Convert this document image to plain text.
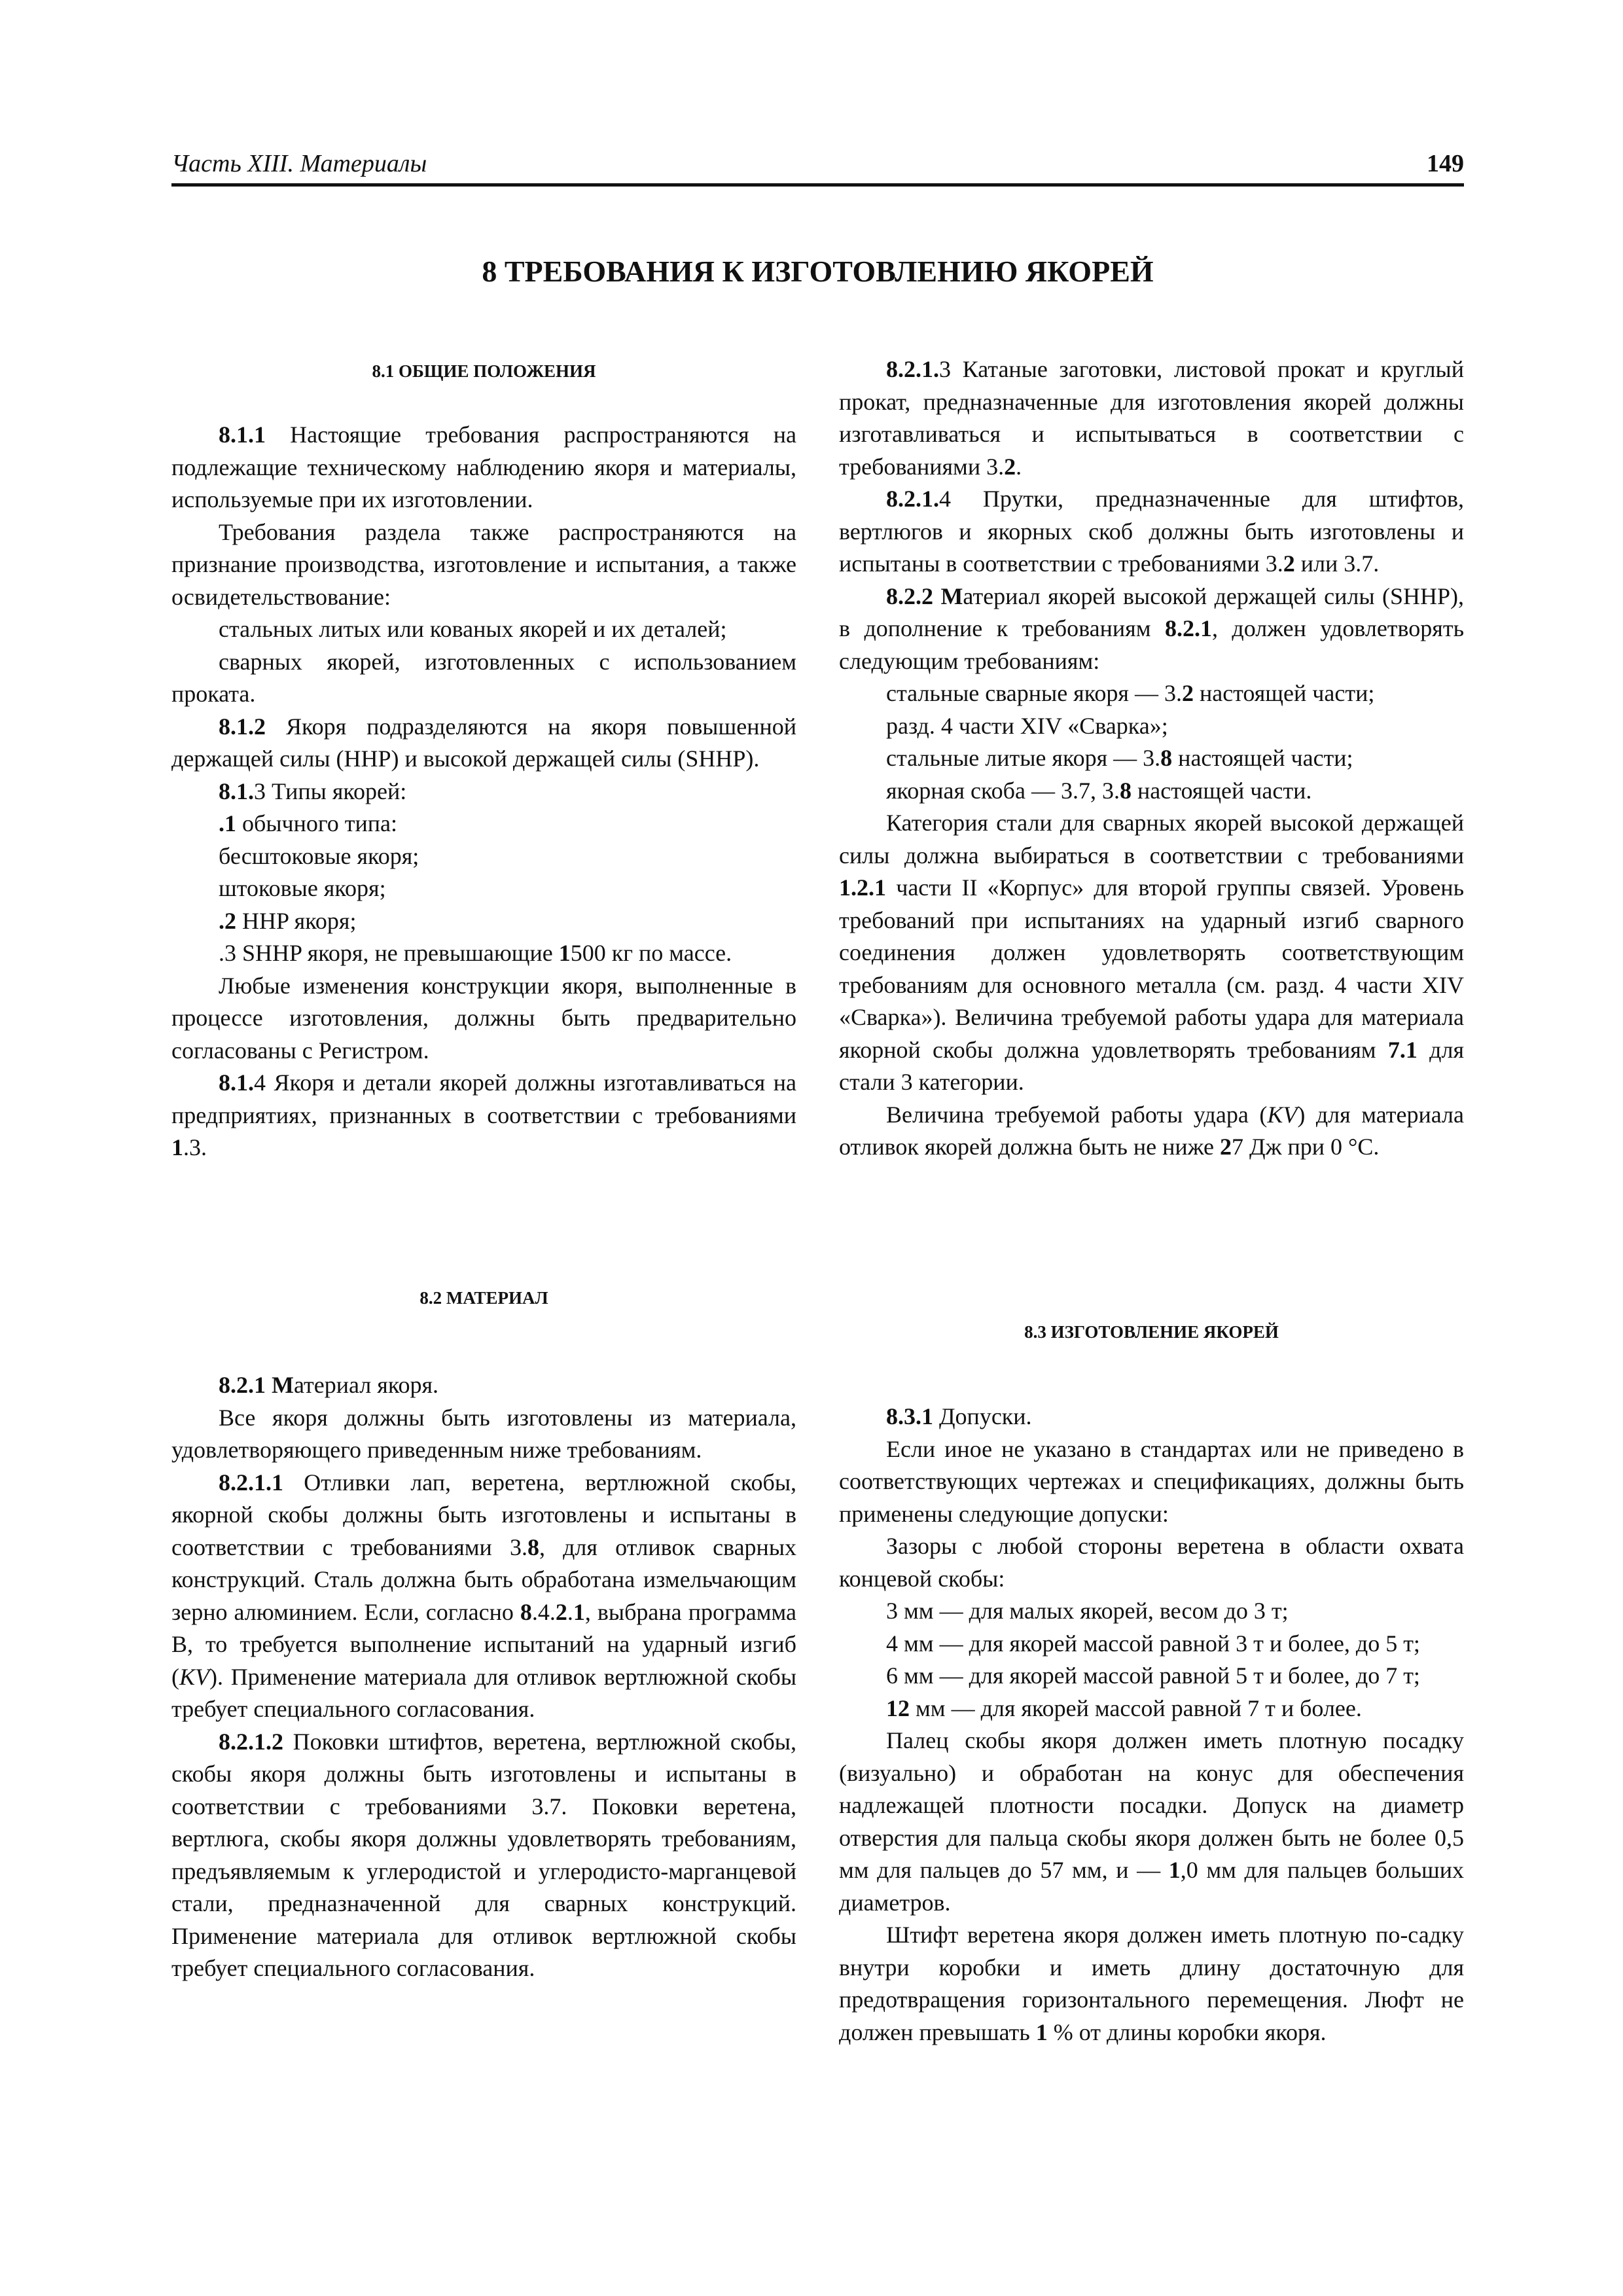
Часть XIII. Материалы	149
8 ТРЕБОВАНИЯ К ИЗГОТОВЛЕНИЮ ЯКОРЕЙ
8.1 ОБЩИЕ ПОЛОЖЕНИЯ

8.1.1 Настоящие требования распространяются на подлежащие техническому наблюдению якоря и материалы, используемые при их изготовлении.

Требования раздела также распространяются на признание производства, изготовление и испытания, а также освидетельствование:

стальных литых или кованых якорей и их деталей;

сварных якорей, изготовленных с использованием проката.

8.1.2 Якоря подразделяются на якоря повышенной держащей силы (HHP) и высокой держащей силы (SHHP).

8.1.3 Типы якорей:

.1 обычного типа:

бесштоковые якоря;

штоковые якоря;

.2 HHP якоря;

.3 SHHP якоря, не превышающие 1500 кг по массе.

Любые изменения конструкции якоря, выполненные в процессе изготовления, должны быть предварительно согласованы с Регистром.

8.1.4 Якоря и детали якорей должны изготавливаться на предприятиях, признанных в соответствии с требованиями 1.3.

8.2 МАТЕРИАЛ

8.2.1 Материал якоря.

Все якоря должны быть изготовлены из материала, удовлетворяющего приведенным ниже требованиям.

8.2.1.1 Отливки лап, веретена, вертлюжной скобы, якорной скобы должны быть изготовлены и испытаны в соответствии с требованиями 3.8, для отливок сварных конструкций. Сталь должна быть обработана измельчающим зерно алюминием. Если, согласно 8.4.2.1, выбрана программа В, то требуется выполнение испытаний на ударный изгиб (KV). Применение материала для отливок вертлюжной скобы требует специального согласования.

8.2.1.2 Поковки штифтов, веретена, вертлюжной скобы, скобы якоря должны быть изготовлены и испытаны в соответствии с требованиями 3.7. Поковки веретена, вертлюга, скобы якоря должны удовлетворять требованиям, предъявляемым к углеродистой и углеродисто-марганцевой стали, предназначенной для сварных конструкций. Применение материала для отливок вертлюжной скобы требует специального согласования.

8.2.1.3 Катаные заготовки, листовой прокат и круглый прокат, предназначенные для изготовления якорей должны изготавливаться и испытываться в соответствии с требованиями 3.2.

8.2.1.4 Прутки, предназначенные для штифтов, вертлюгов и якорных скоб должны быть изготовлены и испытаны в соответствии с требованиями 3.2 или 3.7.

8.2.2 Материал якорей высокой держащей силы (SHHP), в дополнение к требованиям 8.2.1, должен удовлетворять следующим требованиям:

стальные сварные якоря — 3.2 настоящей части;

разд. 4 части XIV «Сварка»;

стальные литые якоря — 3.8 настоящей части;

якорная скоба — 3.7, 3.8 настоящей части.

Категория стали для сварных якорей высокой держащей силы должна выбираться в соответствии с требованиями 1.2.1 части II «Корпус» для второй группы связей. Уровень требований при испытаниях на ударный изгиб сварного соединения должен удовлетворять соответствующим требованиям для основного металла (см. разд. 4 части XIV «Сварка»). Величина требуемой работы удара для материала якорной скобы должна удовлетворять требованиям 7.1 для стали 3 категории.

Величина требуемой работы удара (KV) для материала отливок якорей должна быть не ниже 27 Дж при 0 °С.

8.3 ИЗГОТОВЛЕНИЕ ЯКОРЕЙ

8.3.1 Допуски.

Если иное не указано в стандартах или не приведено в соответствующих чертежах и спецификациях, должны быть применены следующие допуски:

Зазоры с любой стороны веретена в области охвата концевой скобы:

3 мм — для малых якорей, весом до 3 т;

4 мм — для якорей массой равной 3 т и более, до 5 т;

6 мм — для якорей массой равной 5 т и более, до 7 т;

12 мм — для якорей массой равной 7 т и более.

Палец скобы якоря должен иметь плотную посадку (визуально) и обработан на конус для обеспечения надлежащей плотности посадки. Допуск на диаметр отверстия для пальца скобы якоря должен быть не более 0,5 мм для пальцев до 57 мм, и — 1,0 мм для пальцев больших диаметров.

Штифт веретена якоря должен иметь плотную по-садку внутри коробки и иметь длину достаточную для предотвращения горизонтального перемещения. Люфт не должен превышать 1 % от длины коробки якоря.
